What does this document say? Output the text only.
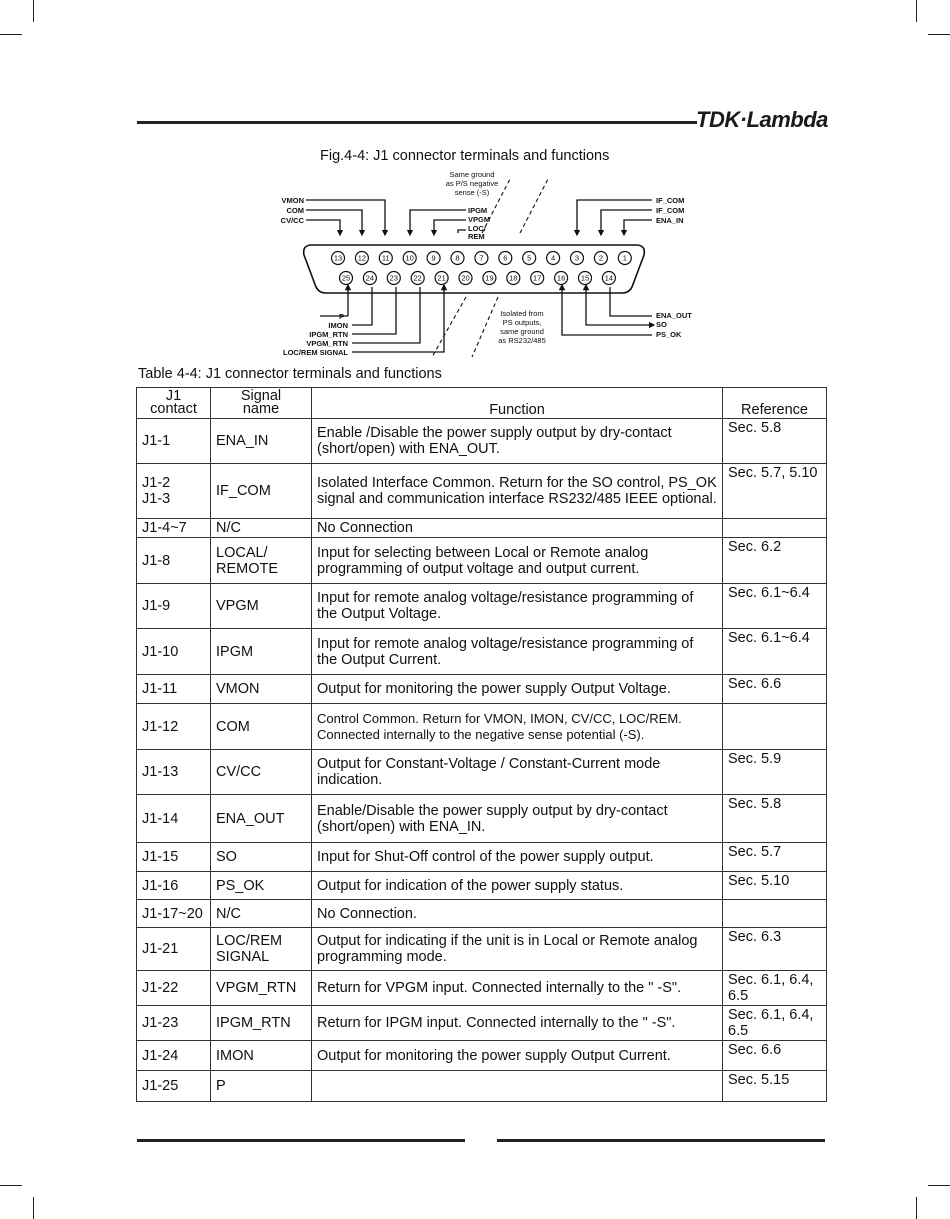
TDK·Lambda
Fig.4-4: J1 connector terminals and functions
13 12 11 10 9	8	7	6	5	4	3	2	1
25 24 23 22 21 20 19 18 17 16 15 14
VMON
COM
CV/CC
IPGM
VPGM
LOC/
REM
IF_COM
IF_COM
ENA_IN
P
IMON
IPGM_RTN
VPGM_RTN
LOC/REM SIGNAL
ENA_OUT
SO
PS_OK
Same ground
as P/S negative
sense (-S)
Isolated from
PS outputs,
same ground
as RS232/485
Table 4-4: J1 connector terminals and functions
J1
contact	Signal
name	Function	Reference
J1-1	ENA_IN	Enable /Disable the power supply output by dry-contact (short/open) with ENA_OUT.	Sec. 5.8
J1-2
J1-3	IF_COM	Isolated Interface Common. Return for the SO control, PS_OK signal and communication interface RS232/485 IEEE optional.	Sec. 5.7, 5.10
J1-4~7	N/C	No Connection	
J1-8	LOCAL/
REMOTE	Input for selecting between Local or Remote analog programming of output voltage and output current.	Sec. 6.2
J1-9	VPGM	Input for remote analog voltage/resistance programming of the Output Voltage.	Sec. 6.1~6.4
J1-10	IPGM	Input for remote analog voltage/resistance programming of the Output Current.	Sec. 6.1~6.4
J1-11	VMON	Output for monitoring the power supply Output Voltage.	Sec. 6.6
J1-12	COM	Control Common. Return for VMON, IMON, CV/CC, LOC/REM. Connected internally to the negative sense potential (-S).	
J1-13	CV/CC	Output for Constant-Voltage / Constant-Current mode indication.	Sec. 5.9
J1-14	ENA_OUT	Enable/Disable the power supply output by dry-contact (short/open) with ENA_IN.	Sec. 5.8
J1-15	SO	Input for Shut-Off control of the power supply output.	Sec. 5.7
J1-16	PS_OK	Output for indication of the power supply status.	Sec. 5.10
J1-17~20	N/C	No Connection.	
J1-21	LOC/REM
SIGNAL	Output for indicating if the unit is in Local or Remote analog programming mode.	Sec. 6.3
J1-22	VPGM_RTN	Return for VPGM input. Connected internally to the " -S".	Sec. 6.1, 6.4, 6.5
J1-23	IPGM_RTN	Return for IPGM input. Connected internally to the " -S".	Sec. 6.1, 6.4, 6.5
J1-24	IMON	Output for monitoring the power supply Output Current.	Sec. 6.6
J1-25	P		Sec. 5.15
